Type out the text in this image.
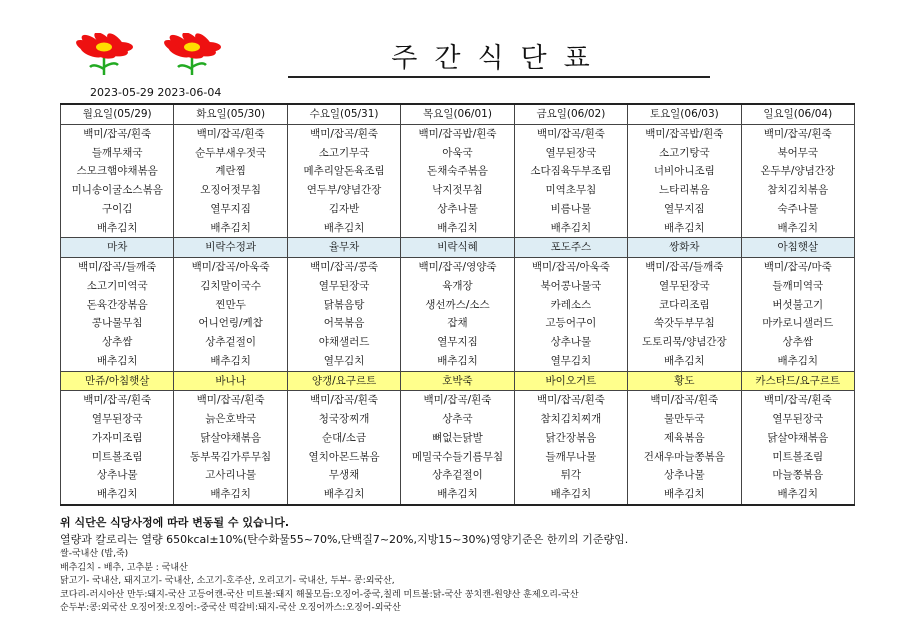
주간식단표
2023-05-29 2023-06-04
월요일(05/29)	화요일(05/30)	수요일(05/31)	목요일(06/01)	금요일(06/02)	토요일(06/03)	일요일(06/04)
백미/잡곡/흰죽	백미/잡곡/흰죽	백미/잡곡/흰죽	백미/잡곡밥/흰죽	백미/잡곡/흰죽	백미/잡곡밥/흰죽	백미/잡곡/흰죽
들깨무채국	순두부새우젓국	소고기무국	아욱국	열무된장국	소고기탕국	북어무국
스모크햄야채볶음	계란찜	메추리알돈육조림	돈채숙주볶음	소다짐육두부조림	너비아니조림	온두부/양념간장
미니송이굴소스볶음	오징어젓무침	연두부/양념간장	낙지젓무침	미역초무침	느타리볶음	참치김치볶음
구이김	열무지짐	김자반	상추나물	비름나물	열무지짐	숙주나물
배추김치	배추김치	배추김치	배추김치	배추김치	배추김치	배추김치
마차	비락수정과	율무차	비락식혜	포도주스	쌍화차	아침햇살
백미/잡곡/들깨죽	백미/잡곡/아욱죽	백미/잡곡/콩죽	백미/잡곡/영양죽	백미/잡곡/아욱죽	백미/잡곡/들깨죽	백미/잡곡/마죽
소고기미역국	김치말이국수	열무된장국	육개장	북어콩나물국	열무된장국	들깨미역국
돈육간장볶음	찐만두	닭볶음탕	생선까스/소스	카레소스	코다리조림	버섯불고기
콩나물무침	어니언링/케찹	어묵볶음	잡채	고등어구이	쑥갓두부무침	마카로니샐러드
상추쌈	상추겉절이	야채샐러드	열무지짐	상추나물	도토리묵/양념간장	상추쌈
배추김치	배추김치	열무김치	배추김치	열무김치	배추김치	배추김치
만쥬/아침햇살	바나나	양갱/요구르트	호박죽	바이오거트	황도	카스타드/요구르트
백미/잡곡/흰죽	백미/잡곡/흰죽	백미/잡곡/흰죽	백미/잡곡/흰죽	백미/잡곡/흰죽	백미/잡곡/흰죽	백미/잡곡/흰죽
열무된장국	늙은호박국	청국장찌개	상추국	참치김치찌개	물만두국	열무된장국
가자미조림	닭살야채볶음	순대/소금	뼈없는닭발	닭간장볶음	제육볶음	닭살야채볶음
미트볼조림	동부묵김가루무침	열치아몬드볶음	메밀국수들기름무침	들깨무나물	건새우마늘쫑볶음	미트볼조림
상추나물	고사리나물	무생채	상추겉절이	튀각	상추나물	마늘쫑볶음
배추김치	배추김치	배추김치	배추김치	배추김치	배추김치	배추김치
위 식단은 식당사정에 따라 변동될 수 있습니다.
열량과 칼로리는 열량 650kcal±10%(탄수화물55~70%,단백질7~20%,지방15~30%)영양기준은 한끼의 기준량임.
쌀-국내산 (밥,죽)
배추김치 - 배추, 고추분 : 국내산
닭고기- 국내산, 돼지고기- 국내산, 소고기-호주산, 오리고기- 국내산, 두부- 콩:외국산,
코다리-러시아산 만두:돼지-국산 고등어캔-국산 미트볼:돼지 해물모듬:오징어-중국,칠레 미트볼:닭-국산 꽁치캔-원양산 훈제오리-국산
순두부:콩:외국산 오징어젓:오징어:-중국산 떡갈비:돼지-국산 오징어까스:오징어-외국산
